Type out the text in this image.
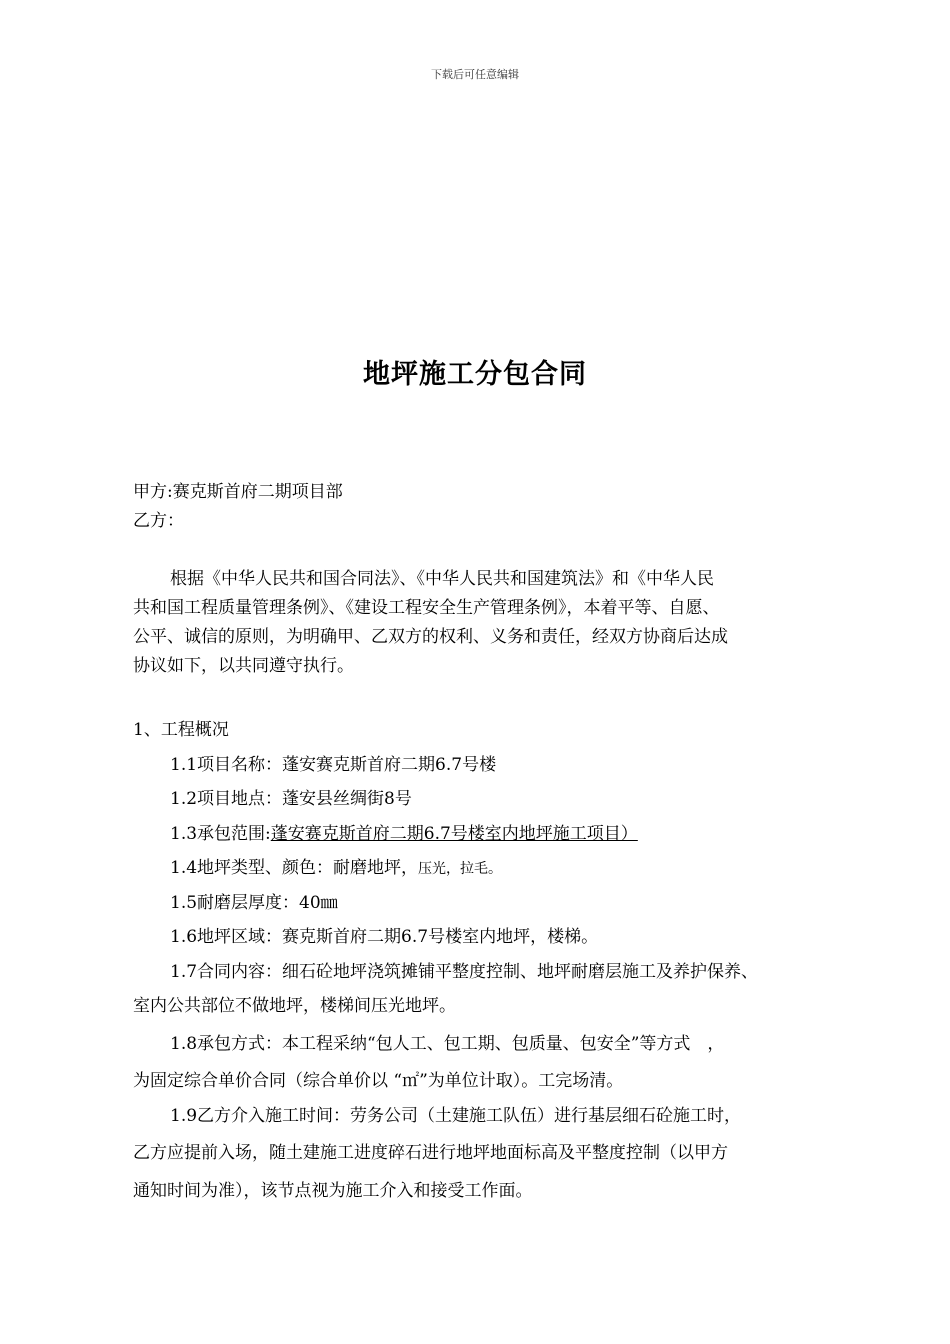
下载后可任意编辑
地坪施工分包合同
甲方:赛克斯首府二期项目部
乙方：
根据《中华人民共和国合同法》、《中华人民共和国建筑法》和《中华人民
共和国工程质量管理条例》、《建设工程安全生产管理条例》，本着平等、自愿、
公平、诚信的原则，为明确甲、乙双方的权利、义务和责任，经双方协商后达成
协议如下，以共同遵守执行。
1、工程概况
1.1项目名称：蓬安赛克斯首府二期6.7号楼
1.2项目地点：蓬安县丝绸街8号
1.3承包范围:蓬安赛克斯首府二期6.7号楼室内地坪施工项目）
1.4地坪类型、颜色：耐磨地坪，压光，拉毛。
1.5耐磨层厚度：40㎜
1.6地坪区域：赛克斯首府二期6.7号楼室内地坪，楼梯。
1.7合同内容：细石砼地坪浇筑摊铺平整度控制、地坪耐磨层施工及养护保养、
室内公共部位不做地坪，楼梯间压光地坪。
1.8承包方式：本工程采纳“包人工、包工期、包质量、包安全”等方式　，
为固定综合单价合同（综合单价以 “㎡”为单位计取）。工完场清。
1.9乙方介入施工时间：劳务公司（土建施工队伍）进行基层细石砼施工时，
乙方应提前入场，随土建施工进度碎石进行地坪地面标高及平整度控制（以甲方
通知时间为准），该节点视为施工介入和接受工作面。
